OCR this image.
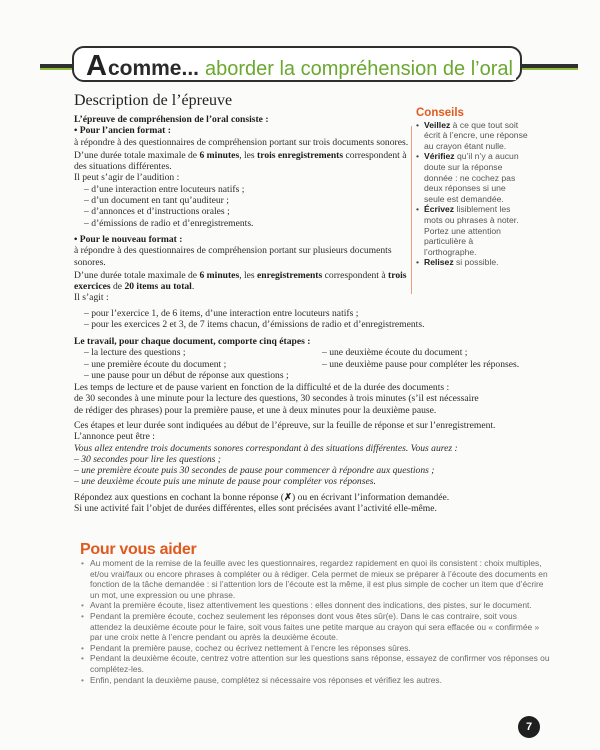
A comme... aborder la compréhension de l’oral
Description de l’épreuve

L’épreuve de compréhension de l’oral consiste :

• Pour l’ancien format :

à répondre à des questionnaires de compréhension portant sur trois documents sonores.

D’une durée totale maximale de 6 minutes, les trois enregistrements correspondent à des situations différentes.

Il peut s’agir de l’audition :

– d’une interaction entre locuteurs natifs ;

– d’un document en tant qu’auditeur ;

– d’annonces et d’instructions orales ;

– d’émissions de radio et d’enregistrements.

• Pour le nouveau format :

à répondre à des questionnaires de compréhension portant sur plusieurs documents sonores.

D’une durée totale maximale de 6 minutes, les enregistrements correspondent à trois exercices de 20 items au total.

Il s’agit :

– pour l’exercice 1, de 6 items, d’une interaction entre locuteurs natifs ;

– pour les exercices 2 et 3, de 7 items chacun, d’émissions de radio et d’enregistrements.

Le travail, pour chaque document, comporte cinq étapes :

– la lecture des questions ;
– une première écoute du document ;
– une pause pour un début de réponse aux questions ;
– une deuxième écoute du document ;
– une deuxième pause pour compléter les réponses.
Les temps de lecture et de pause varient en fonction de la difficulté et de la durée des documents :
de 30 secondes à une minute pour la lecture des questions, 30 secondes à trois minutes (s’il est nécessaire
de rédiger des phrases) pour la première pause, et une à deux minutes pour la deuxième pause.
Ces étapes et leur durée sont indiquées au début de l’épreuve, sur la feuille de réponse et sur l’enregistrement.
L’annonce peut être :
Vous allez entendre trois documents sonores correspondant à des situations différentes. Vous aurez :
– 30 secondes pour lire les questions ;
– une première écoute puis 30 secondes de pause pour commencer à répondre aux questions ;
– une deuxième écoute puis une minute de pause pour compléter vos réponses.
Répondez aux questions en cochant la bonne réponse (✗) ou en écrivant l’information demandée.
Si une activité fait l’objet de durées différentes, elles sont précisées avant l’activité elle-même.
Conseils
• Veillez à ce que tout soit écrit à l’encre, une réponse au crayon étant nulle.
• Vérifiez qu’il n’y a aucun doute sur la réponse donnée : ne cochez pas deux réponses si une seule est demandée.
• Écrivez lisiblement les mots ou phrases à noter. Portez une attention particulière à l’orthographe.
• Relisez si possible.
Pour vous aider
• Au moment de la remise de la feuille avec les questionnaires, regardez rapidement en quoi ils consistent : choix multiples, et/ou vrai/faux ou encore phrases à compléter ou à rédiger. Cela permet de mieux se préparer à l’écoute des documents en fonction de la tâche demandée : si l’attention lors de l’écoute est la même, il est plus simple de cocher un item que d’écrire un mot, une expression ou une phrase.
• Avant la première écoute, lisez attentivement les questions : elles donnent des indications, des pistes, sur le document.
• Pendant la première écoute, cochez seulement les réponses dont vous êtes sûr(e). Dans le cas contraire, soit vous attendez la deuxième écoute pour le faire, soit vous faites une petite marque au crayon qui sera effacée ou « confirmée » par une croix nette à l’encre pendant ou après la deuxième écoute.
• Pendant la première pause, cochez ou écrivez nettement à l’encre les réponses sûres.
• Pendant la deuxième écoute, centrez votre attention sur les questions sans réponse, essayez de confirmer vos réponses ou complétez-les.
• Enfin, pendant la deuxième pause, complétez si nécessaire vos réponses et vérifiez les autres.
7
